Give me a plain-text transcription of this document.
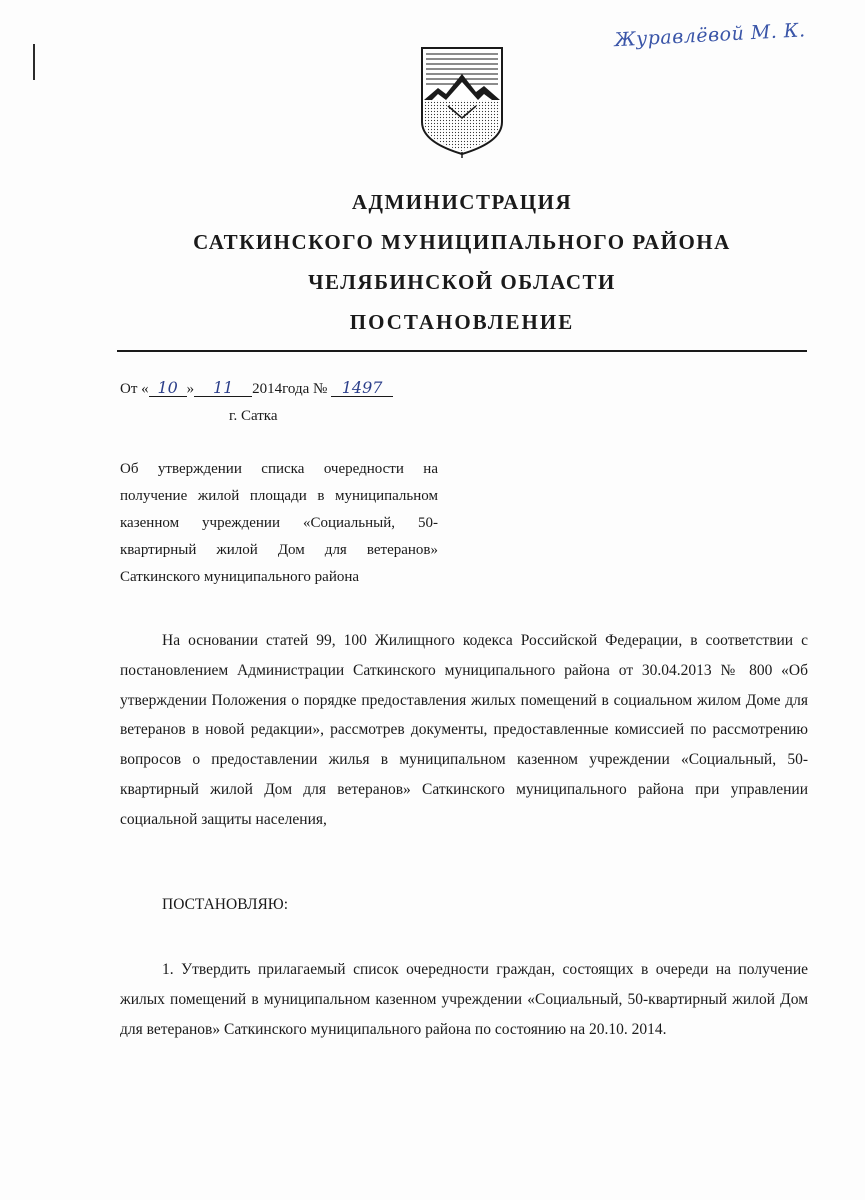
Журавлёвой М. К.
АДМИНИСТРАЦИЯ
САТКИНСКОГО МУНИЦИПАЛЬНОГО РАЙОНА
ЧЕЛЯБИНСКОЙ ОБЛАСТИ
ПОСТАНОВЛЕНИЕ
От « 10 » 11 2014года № 1497
г. Сатка
Об утверждении списка очередности на
получение жилой площади в муниципальном
казенном учреждении «Социальный, 50-
квартирный жилой Дом для ветеранов»
Саткинского муниципального района

На основании статей 99, 100 Жилищного кодекса Российской Федерации, в соответствии с постановлением Администрации Саткинского муниципального района от 30.04.2013 № 800 «Об утверждении Положения о порядке предоставления жилых помещений в социальном жилом Доме для ветеранов в новой редакции», рассмотрев документы, предоставленные комиссией по рассмотрению вопросов о предоставлении жилья в муниципальном казенном учреждении «Социальный, 50-квартирный жилой Дом для ветеранов» Саткинского муниципального района при управлении социальной защиты населения,

ПОСТАНОВЛЯЮ:

1. Утвердить прилагаемый список очередности граждан, состоящих в очереди на получение жилых помещений в муниципальном казенном учреждении «Социальный, 50-квартирный жилой Дом для ветеранов» Саткинского муниципального района по состоянию на 20.10. 2014.
